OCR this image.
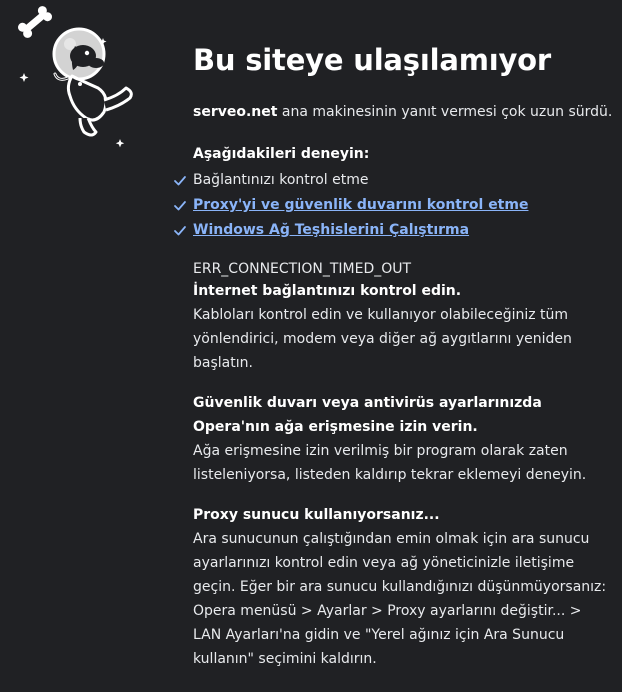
Bu siteye ulaşılamıyor
serveo.net ana makinesinin yanıt vermesi çok uzun sürdü.
Aşağıdakileri deneyin:
Bağlantınızı kontrol etme
Proxy'yi ve güvenlik duvarını kontrol etme
Windows Ağ Teşhislerini Çalıştırma
ERR_CONNECTION_TIMED_OUT
İnternet bağlantınızı kontrol edin.
Kabloları kontrol edin ve kullanıyor olabileceğiniz tüm yönlendirici, modem veya diğer ağ aygıtlarını yeniden başlatın.
Güvenlik duvarı veya antivirüs ayarlarınızda Opera'nın ağa erişmesine izin verin.
Ağa erişmesine izin verilmiş bir program olarak zaten listeleniyorsa, listeden kaldırıp tekrar eklemeyi deneyin.
Proxy sunucu kullanıyorsanız...
Ara sunucunun çalıştığından emin olmak için ara sunucu ayarlarınızı kontrol edin veya ağ yöneticinizle iletişime geçin. Eğer bir ara sunucu kullandığınızı düşünmüyorsanız: Opera menüsü > Ayarlar > Proxy ayarlarını değiştir... > LAN Ayarları'na gidin ve "Yerel ağınız için Ara Sunucu kullanın" seçimini kaldırın.
